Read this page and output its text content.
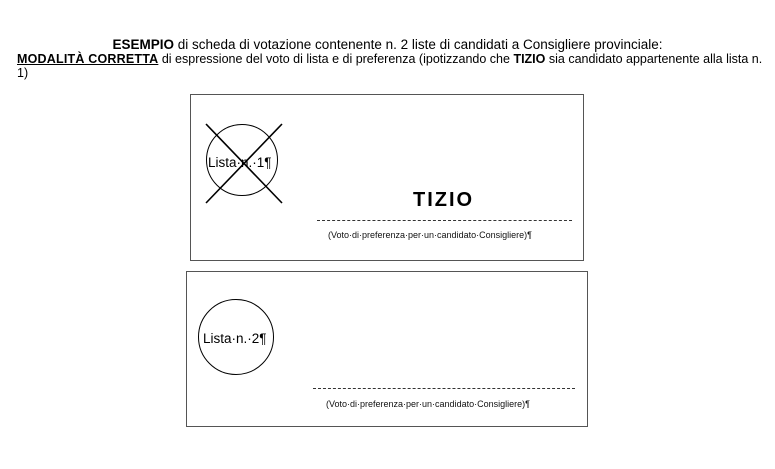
ESEMPIO di scheda di votazione contenente n. 2 liste di candidati a Consigliere provinciale:
MODALITÀ CORRETTA di espressione del voto di lista e di preferenza (ipotizzando che TIZIO sia candidato appartenente alla lista n. 1)
Lista·n.·1¶
TIZIO
(Voto·di·preferenza·per·un·candidato·Consigliere)¶
Lista·n.·2¶
(Voto·di·preferenza·per·un·candidato·Consigliere)¶
